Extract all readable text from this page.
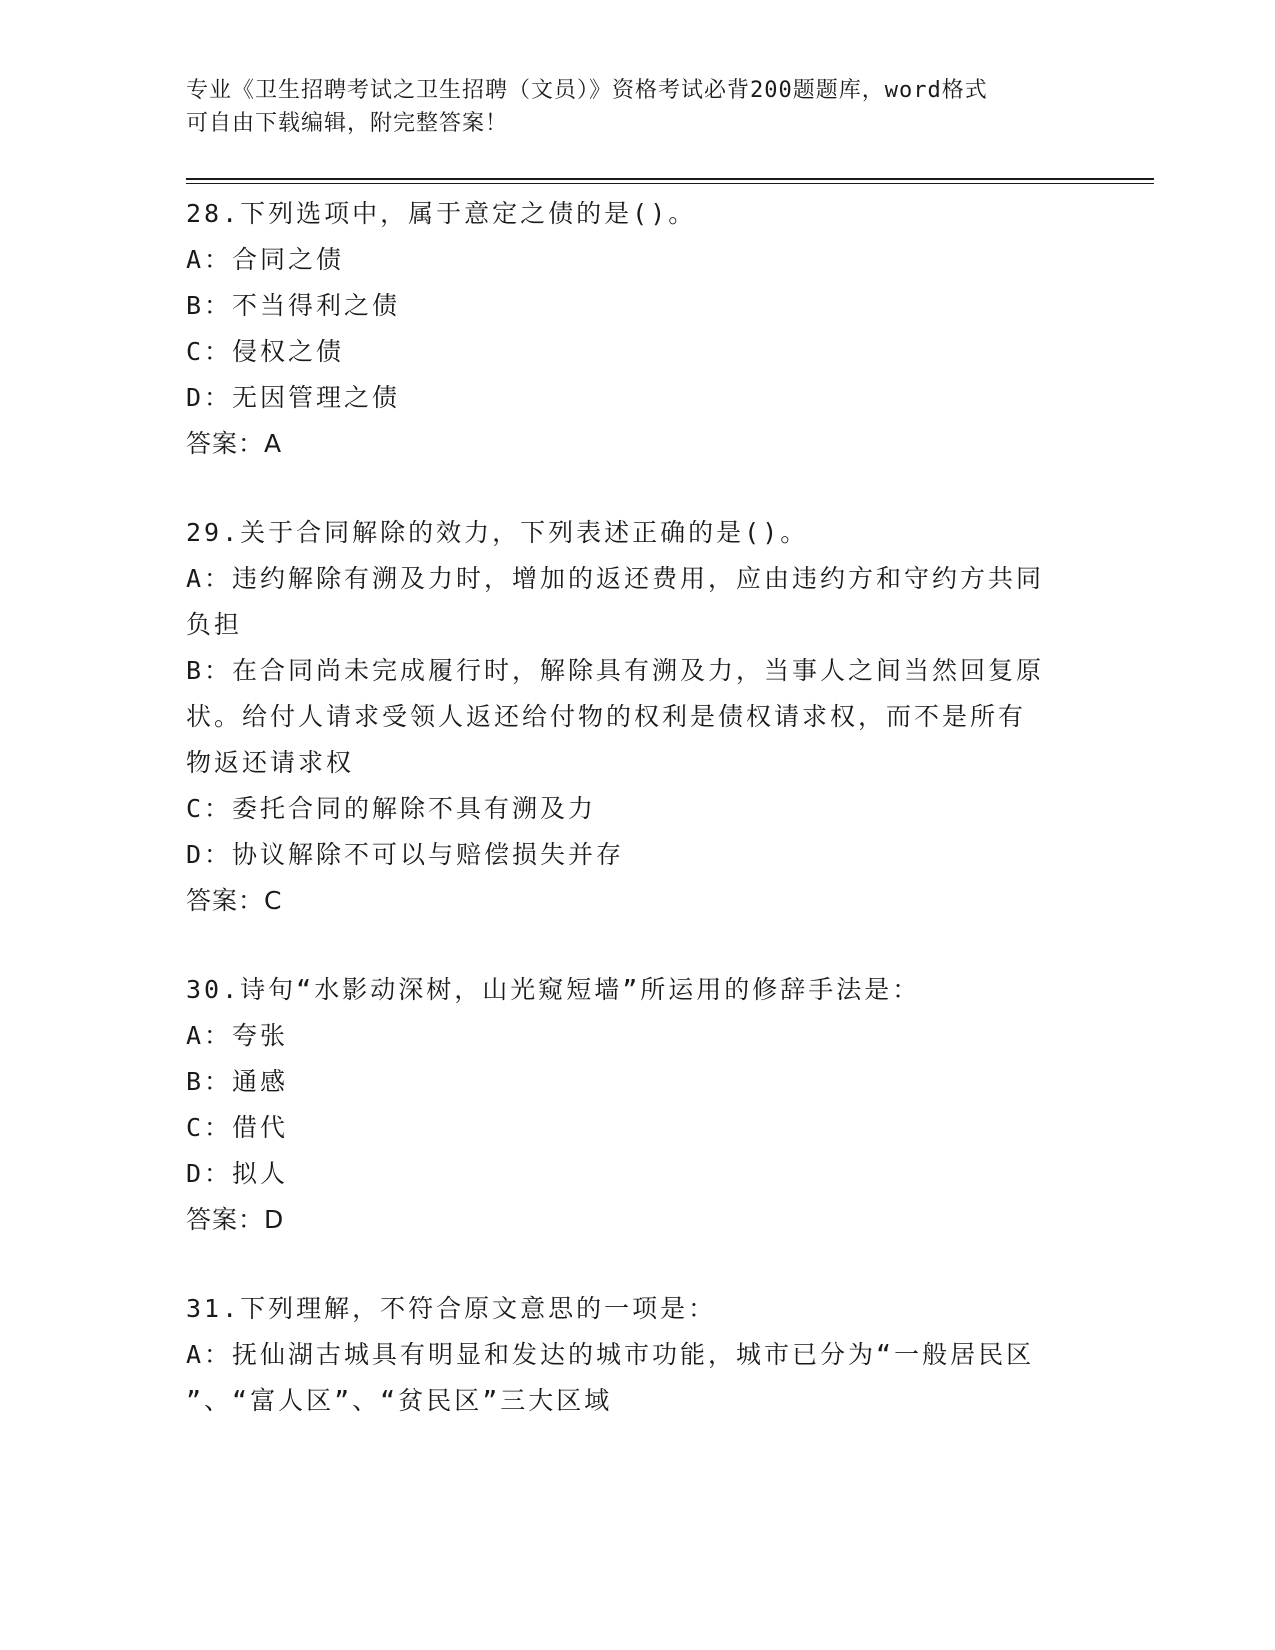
专业《卫生招聘考试之卫生招聘（文员）》资格考试必背200题题库，word格式
可自由下载编辑，附完整答案！
28.下列选项中，属于意定之债的是()。
A：合同之债
B：不当得利之债
C：侵权之债
D：无因管理之债
答案：A
29.关于合同解除的效力，下列表述正确的是()。
A：违约解除有溯及力时，增加的返还费用，应由违约方和守约方共同
负担
B：在合同尚未完成履行时，解除具有溯及力，当事人之间当然回复原
状。给付人请求受领人返还给付物的权利是债权请求权，而不是所有
物返还请求权
C：委托合同的解除不具有溯及力
D：协议解除不可以与赔偿损失并存
答案：C
30.诗句“水影动深树，山光窥短墙”所运用的修辞手法是：
A：夸张
B：通感
C：借代
D：拟人
答案：D
31.下列理解，不符合原文意思的一项是：
A：抚仙湖古城具有明显和发达的城市功能，城市已分为“一般居民区
”、“富人区”、“贫民区”三大区域
